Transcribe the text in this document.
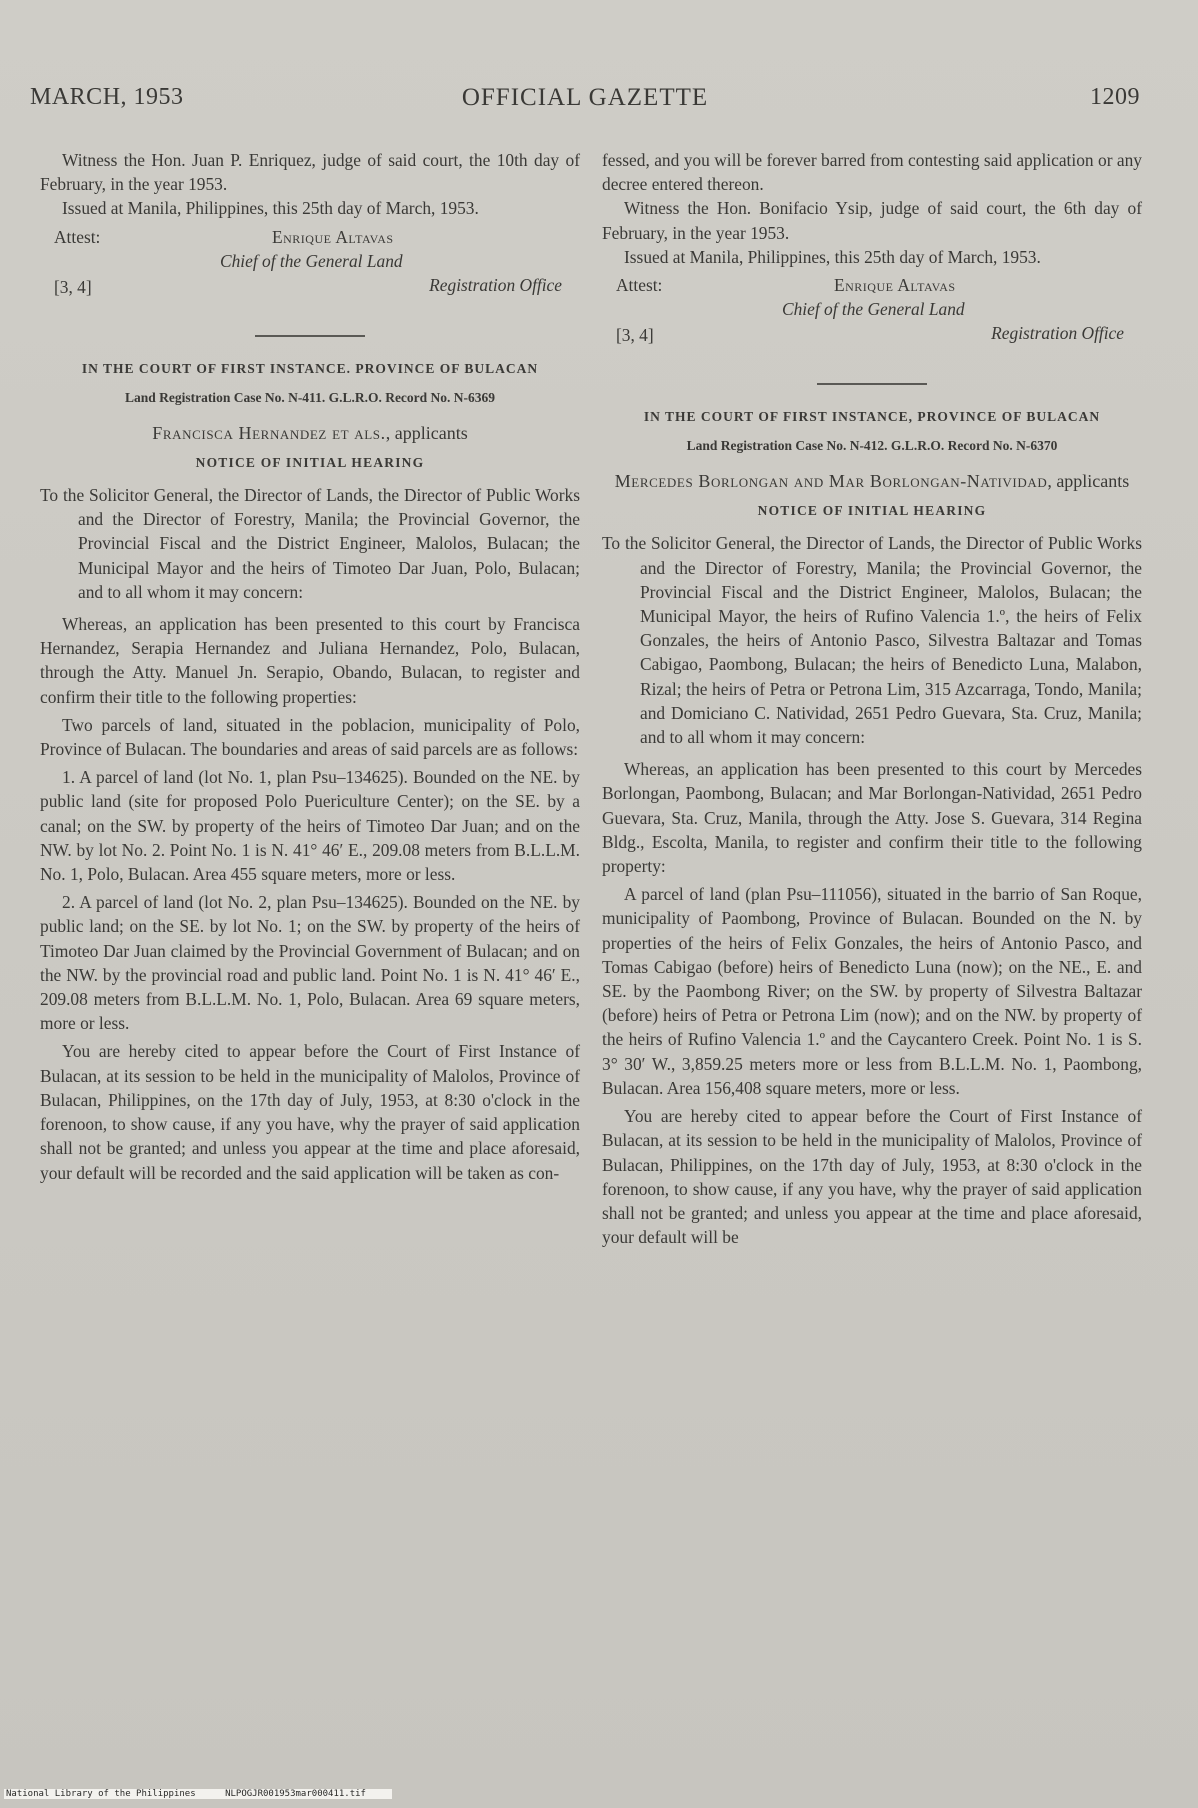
MARCH, 1953	OFFICIAL GAZETTE	1209

Witness the Hon. Juan P. Enriquez, judge of said court, the 10th day of February, in the year 1953.

Issued at Manila, Philippines, this 25th day of March, 1953.

Attest:	Enrique Altavas
Chief of the General Land
[3, 4]	Registration Office
IN THE COURT OF FIRST INSTANCE. PROVINCE OF BULACAN
Land Registration Case No. N-411. G.L.R.O. Record No. N-6369
Francisca Hernandez et als., applicants
NOTICE OF INITIAL HEARING

To the Solicitor General, the Director of Lands, the Director of Public Works and the Director of Forestry, Manila; the Provincial Governor, the Provincial Fiscal and the District Engineer, Malolos, Bulacan; the Municipal Mayor and the heirs of Timoteo Dar Juan, Polo, Bulacan; and to all whom it may concern:

Whereas, an application has been presented to this court by Francisca Hernandez, Serapia Hernandez and Juliana Hernandez, Polo, Bulacan, through the Atty. Manuel Jn. Serapio, Obando, Bulacan, to register and confirm their title to the following properties:

Two parcels of land, situated in the poblacion, municipality of Polo, Province of Bulacan. The boundaries and areas of said parcels are as follows:

1. A parcel of land (lot No. 1, plan Psu–134625). Bounded on the NE. by public land (site for proposed Polo Puericulture Center); on the SE. by a canal; on the SW. by property of the heirs of Timoteo Dar Juan; and on the NW. by lot No. 2. Point No. 1 is N. 41° 46′ E., 209.08 meters from B.L.L.M. No. 1, Polo, Bulacan. Area 455 square meters, more or less.

2. A parcel of land (lot No. 2, plan Psu–134625). Bounded on the NE. by public land; on the SE. by lot No. 1; on the SW. by property of the heirs of Timoteo Dar Juan claimed by the Provincial Government of Bulacan; and on the NW. by the provincial road and public land. Point No. 1 is N. 41° 46′ E., 209.08 meters from B.L.L.M. No. 1, Polo, Bulacan. Area 69 square meters, more or less.

You are hereby cited to appear before the Court of First Instance of Bulacan, at its session to be held in the municipality of Malolos, Province of Bulacan, Philippines, on the 17th day of July, 1953, at 8:30 o'clock in the forenoon, to show cause, if any you have, why the prayer of said application shall not be granted; and unless you appear at the time and place aforesaid, your default will be recorded and the said application will be taken as con-

fessed, and you will be forever barred from contesting said application or any decree entered thereon.

Witness the Hon. Bonifacio Ysip, judge of said court, the 6th day of February, in the year 1953.

Issued at Manila, Philippines, this 25th day of March, 1953.

Attest:	Enrique Altavas
Chief of the General Land
[3, 4]	Registration Office
IN THE COURT OF FIRST INSTANCE, PROVINCE OF BULACAN
Land Registration Case No. N-412. G.L.R.O. Record No. N-6370
Mercedes Borlongan and Mar Borlongan-Natividad, applicants
NOTICE OF INITIAL HEARING

To the Solicitor General, the Director of Lands, the Director of Public Works and the Director of Forestry, Manila; the Provincial Governor, the Provincial Fiscal and the District Engineer, Malolos, Bulacan; the Municipal Mayor, the heirs of Rufino Valencia 1.º, the heirs of Felix Gonzales, the heirs of Antonio Pasco, Silvestra Baltazar and Tomas Cabigao, Paombong, Bulacan; the heirs of Benedicto Luna, Malabon, Rizal; the heirs of Petra or Petrona Lim, 315 Azcarraga, Tondo, Manila; and Domiciano C. Natividad, 2651 Pedro Guevara, Sta. Cruz, Manila; and to all whom it may concern:

Whereas, an application has been presented to this court by Mercedes Borlongan, Paombong, Bulacan; and Mar Borlongan-Natividad, 2651 Pedro Guevara, Sta. Cruz, Manila, through the Atty. Jose S. Guevara, 314 Regina Bldg., Escolta, Manila, to register and confirm their title to the following property:

A parcel of land (plan Psu–111056), situated in the barrio of San Roque, municipality of Paombong, Province of Bulacan. Bounded on the N. by properties of the heirs of Felix Gonzales, the heirs of Antonio Pasco, and Tomas Cabigao (before) heirs of Benedicto Luna (now); on the NE., E. and SE. by the Paombong River; on the SW. by property of Silvestra Baltazar (before) heirs of Petra or Petrona Lim (now); and on the NW. by property of the heirs of Rufino Valencia 1.º and the Caycantero Creek. Point No. 1 is S. 3° 30′ W., 3,859.25 meters more or less from B.L.L.M. No. 1, Paombong, Bulacan. Area 156,408 square meters, more or less.

You are hereby cited to appear before the Court of First Instance of Bulacan, at its session to be held in the municipality of Malolos, Province of Bulacan, Philippines, on the 17th day of July, 1953, at 8:30 o'clock in the forenoon, to show cause, if any you have, why the prayer of said application shall not be granted; and unless you appear at the time and place aforesaid, your default will be

National Library of the Philippines	NLPOGJR001953mar000411.tif
